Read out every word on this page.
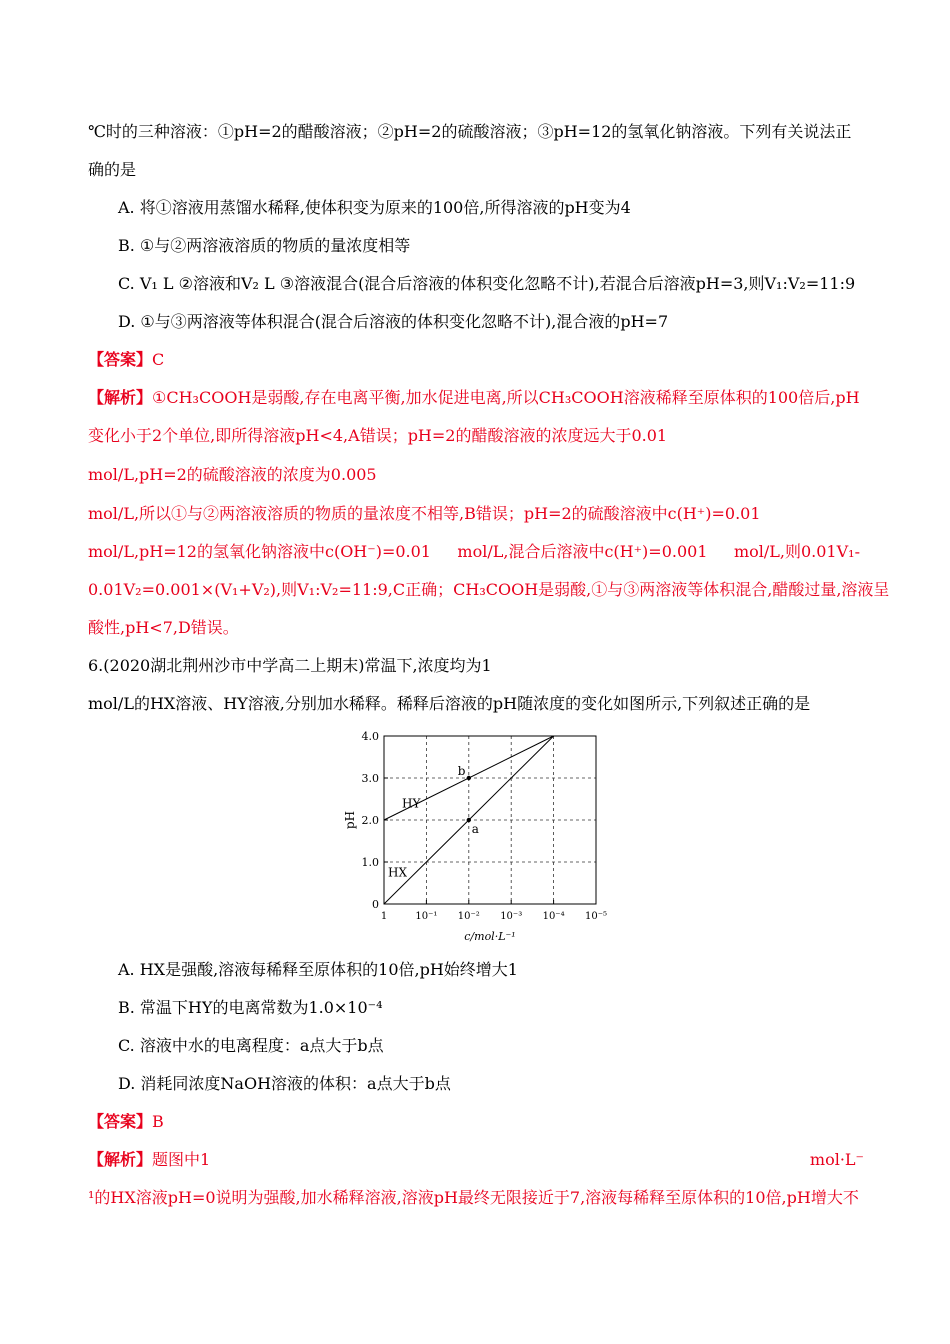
℃时的三种溶液：①pH=2的醋酸溶液；②pH=2的硫酸溶液；③pH=12的氢氧化钠溶液。下列有关说法正
确的是
A. 将①溶液用蒸馏水稀释,使体积变为原来的100倍,所得溶液的pH变为4
B. ①与②两溶液溶质的物质的量浓度相等
C. V₁ L ②溶液和V₂ L ③溶液混合(混合后溶液的体积变化忽略不计),若混合后溶液pH=3,则V₁:V₂=11:9
D. ①与③两溶液等体积混合(混合后溶液的体积变化忽略不计),混合液的pH=7
【答案】C
【解析】①CH₃COOH是弱酸,存在电离平衡,加水促进电离,所以CH₃COOH溶液稀释至原体积的100倍后,pH
变化小于2个单位,即所得溶液pH<4,A错误；pH=2的醋酸溶液的浓度远大于0.01
mol/L,pH=2的硫酸溶液的浓度为0.005
mol/L,所以①与②两溶液溶质的物质的量浓度不相等,B错误；pH=2的硫酸溶液中c(H⁺)=0.01
mol/L,pH=12的氢氧化钠溶液中c(OH⁻)=0.01 mol/L,混合后溶液中c(H⁺)=0.001 mol/L,则0.01V₁-
0.01V₂=0.001×(V₁+V₂),则V₁:V₂=11:9,C正确；CH₃COOH是弱酸,①与③两溶液等体积混合,醋酸过量,溶液呈
酸性,pH<7,D错误。
6.(2020湖北荆州沙市中学高二上期末)常温下,浓度均为1
mol/L的HX溶液、HY溶液,分别加水稀释。稀释后溶液的pH随浓度的变化如图所示,下列叙述正确的是
0
1.0
2.0
3.0
4.0
1	10⁻¹ 10⁻² 10⁻³ 10⁻⁴ 10⁻⁵
c/mol·L⁻¹
pH
HY
HX
a
b
A. HX是强酸,溶液每稀释至原体积的10倍,pH始终增大1
B. 常温下HY的电离常数为1.0×10⁻⁴
C. 溶液中水的电离程度：a点大于b点
D. 消耗同浓度NaOH溶液的体积：a点大于b点
【答案】B
【解析】题图中1	mol·L⁻
¹的HX溶液pH=0说明为强酸,加水稀释溶液,溶液pH最终无限接近于7,溶液每稀释至原体积的10倍,pH增大不
